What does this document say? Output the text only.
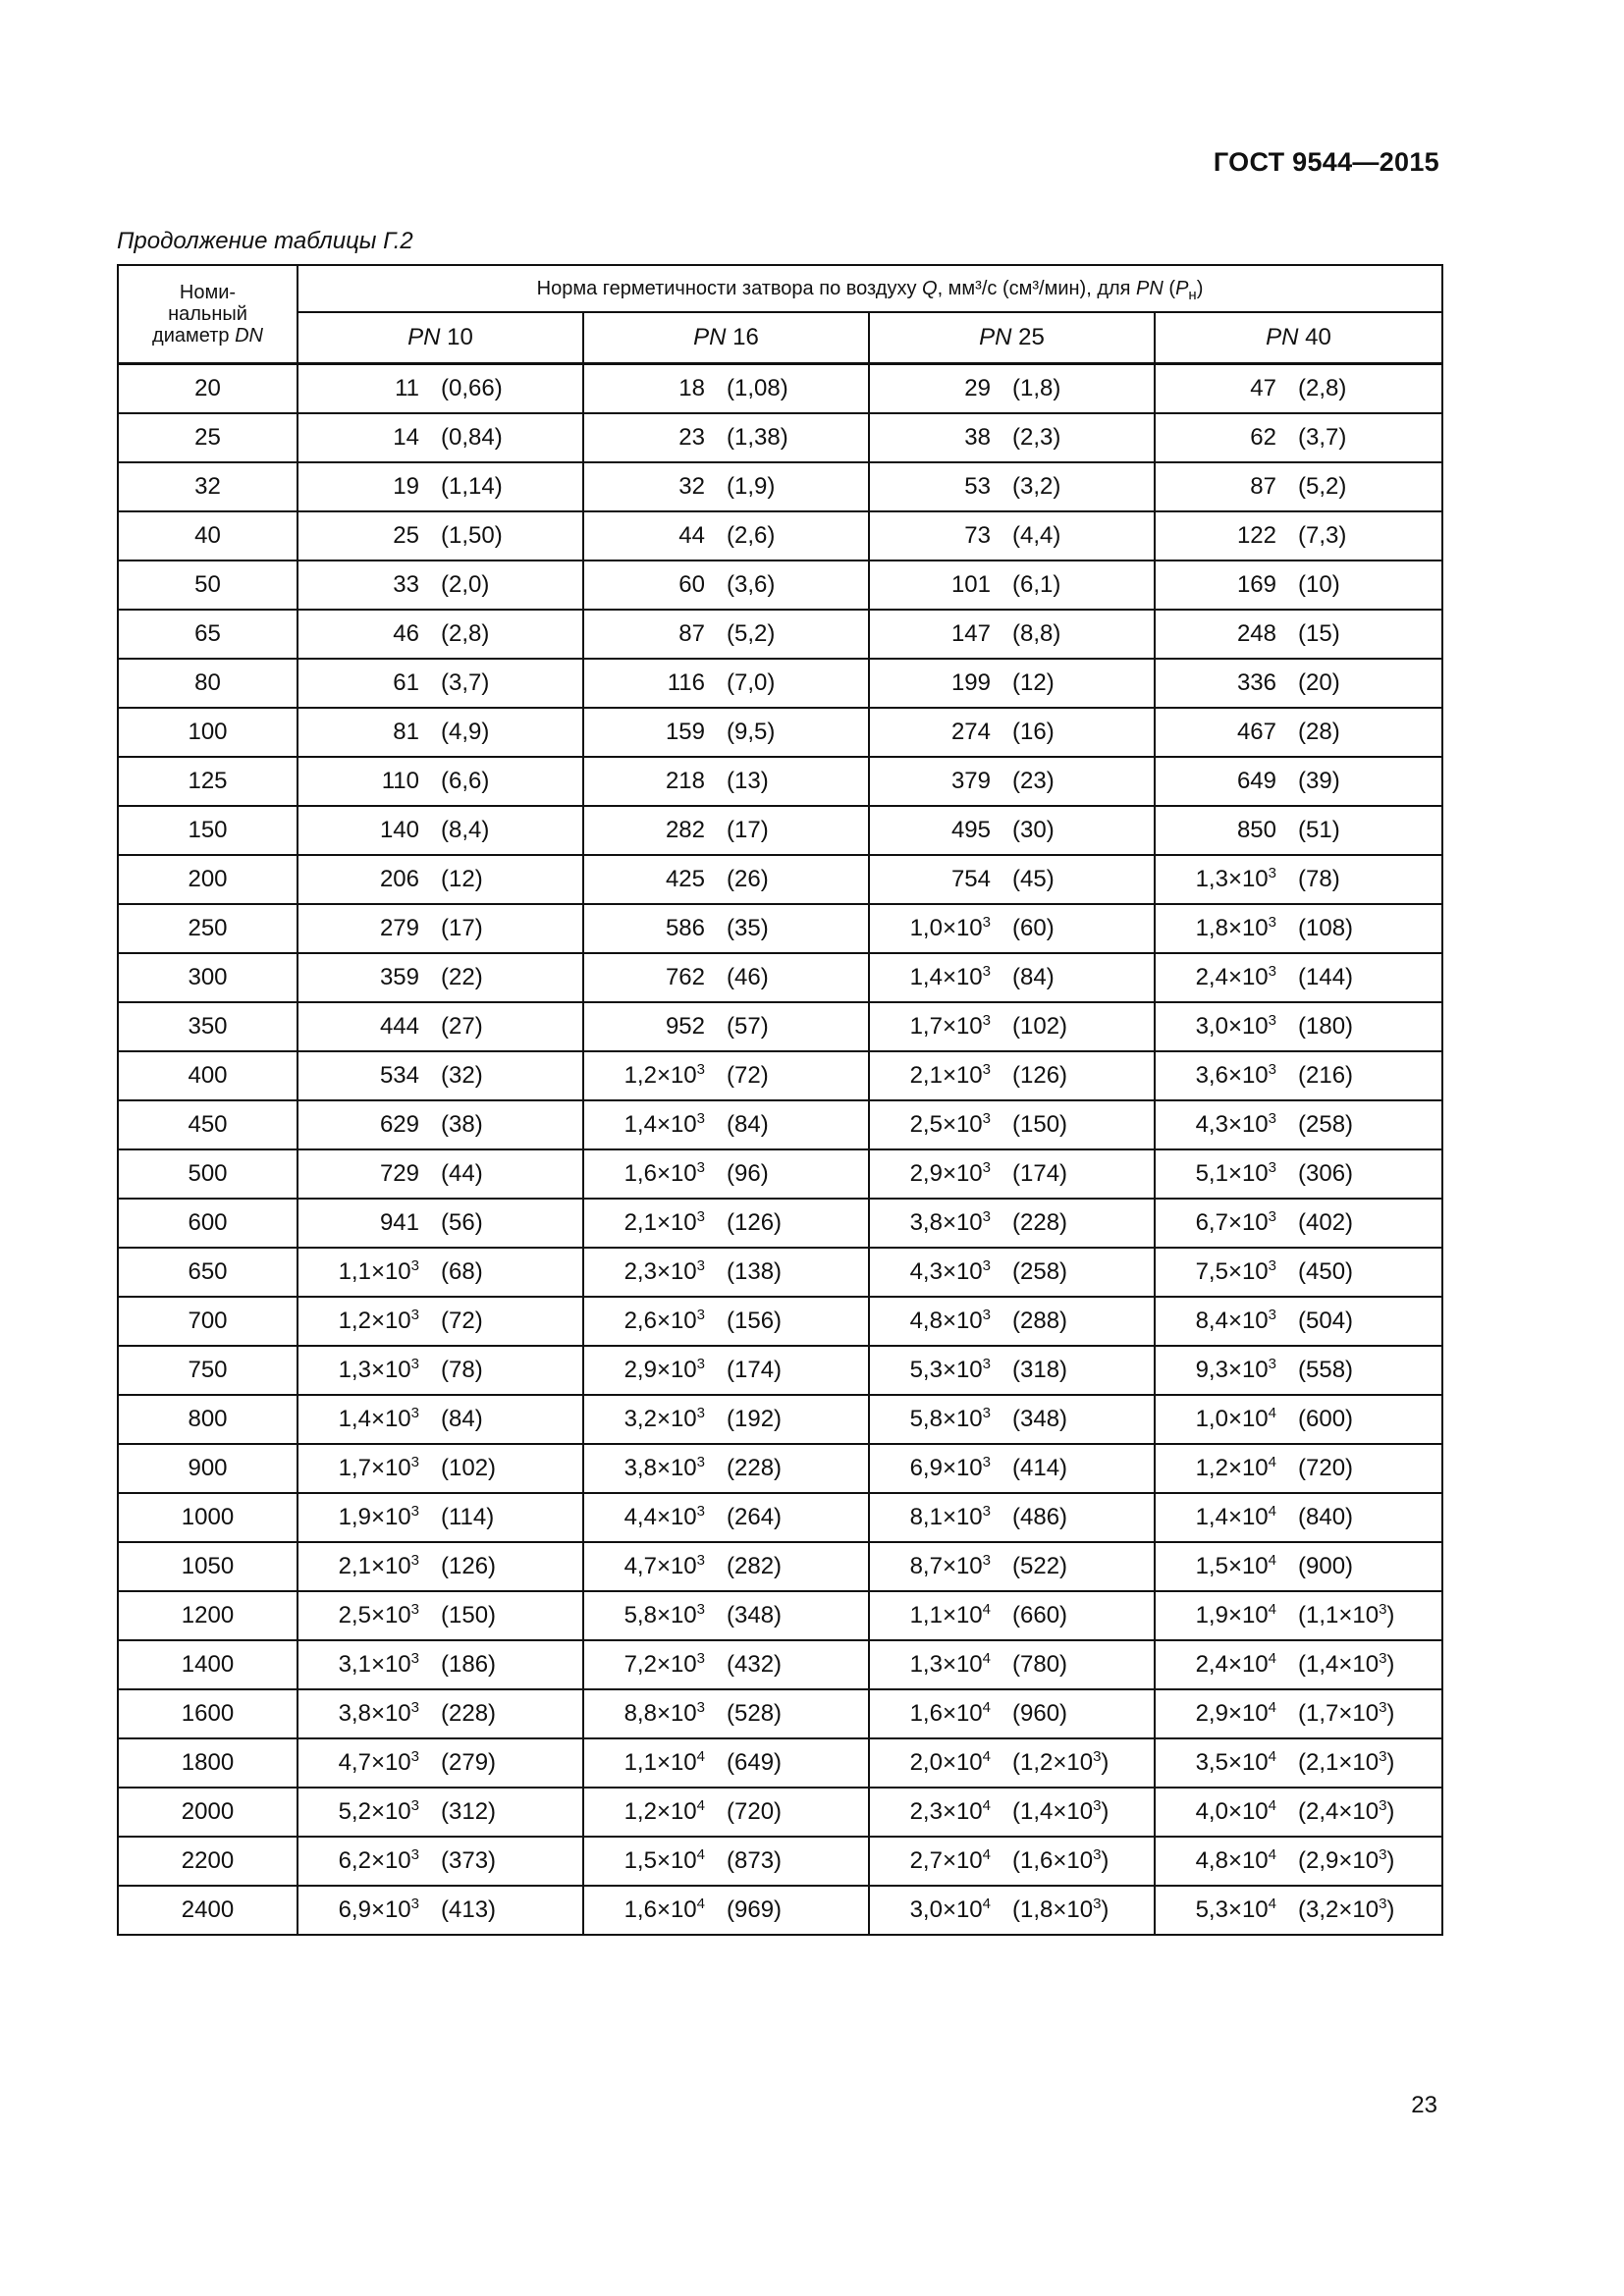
ГОСТ 9544—2015
Продолжение таблицы Г.2
Номи-
нальный
диаметр DN	Норма герметичности затвора по воздуху Q, мм³/с (см³/мин), для PN $(P_н)$			
	PN 10	PN 16	PN 25	PN 40
20	11 (0,66)	18 (1,08)	29 (1,8)	47 (2,8)

25	14 (0,84)	23 (1,38)	38 (2,3)	62 (3,7)

32	19 (1,14)	32 (1,9)	53 (3,2)	87 (5,2)

40	25 (1,50)	44 (2,6)	73 (4,4)	122 (7,3)

50	33 (2,0)	60 (3,6)	101 (6,1)	169 (10)

65	46 (2,8)	87 (5,2)	147 (8,8)	248 (15)

80	61 (3,7)	116 (7,0)	199 (12)	336 (20)

100	81 (4,9)	159 (9,5)	274 (16)	467 (28)

125	110 (6,6)	218 (13)	379 (23)	649 (39)

150	140 (8,4)	282 (17)	495 (30)	850 (51)

200	206 (12)	425 (26)	754 (45)	$1,3\times 10^3$ (78)

250	279 (17)	586 (35)	$1,0\times 10^3$ (60)	$1,8\times 10^3$ (108)

300	359 (22)	762 (46)	$1,4\times 10^3$ (84)	$2,4\times 10^3$ (144)

350	444 (27)	952 (57)	$1,7\times 10^3$ (102)	$3,0\times 10^3$ (180)

400	534 (32)	$1,2\times 10^3$ (72)	$2,1\times 10^3$ (126)	$3,6\times 10^3$ (216)

450	629 (38)	$1,4\times 10^3$ (84)	$2,5\times 10^3$ (150)	$4,3\times 10^3$ (258)

500	729 (44)	$1,6\times 10^3$ (96)	$2,9\times 10^3$ (174)	$5,1\times 10^3$ (306)

600	941 (56)	$2,1\times 10^3$ (126)	$3,8\times 10^3$ (228)	$6,7\times 10^3$ (402)

650	$1,1\times 10^3$ (68)	$2,3\times 10^3$ (138)	$4,3\times 10^3$ (258)	$7,5\times 10^3$ (450)

700	$1,2\times 10^3$ (72)	$2,6\times 10^3$ (156)	$4,8\times 10^3$ (288)	$8,4\times 10^3$ (504)

750	$1,3\times 10^3$ (78)	$2,9\times 10^3$ (174)	$5,3\times 10^3$ (318)	$9,3\times 10^3$ (558)

800	$1,4\times 10^3$ (84)	$3,2\times 10^3$ (192)	$5,8\times 10^3$ (348)	$1,0\times 10^4$ (600)

900	$1,7\times 10^3$ (102)	$3,8\times 10^3$ (228)	$6,9\times 10^3$ (414)	$1,2\times 10^4$ (720)

1000	$1,9\times 10^3$ (114)	$4,4\times 10^3$ (264)	$8,1\times 10^3$ (486)	$1,4\times 10^4$ (840)

1050	$2,1\times 10^3$ (126)	$4,7\times 10^3$ (282)	$8,7\times 10^3$ (522)	$1,5\times 10^4$ (900)

1200	$2,5\times 10^3$ (150)	$5,8\times 10^3$ (348)	$1,1\times 10^4$ (660)	$1,9\times 10^4$ $(1,1\times 10^3)$

1400	$3,1\times 10^3$ (186)	$7,2\times 10^3$ (432)	$1,3\times 10^4$ (780)	$2,4\times 10^4$ $(1,4\times 10^3)$

1600	$3,8\times 10^3$ (228)	$8,8\times 10^3$ (528)	$1,6\times 10^4$ (960)	$2,9\times 10^4$ $(1,7\times 10^3)$

1800	$4,7\times 10^3$ (279)	$1,1\times 10^4$ (649)	$2,0\times 10^4$ $(1,2\times 10^3)$	$3,5\times 10^4$ $(2,1\times 10^3)$

2000	$5,2\times 10^3$ (312)	$1,2\times 10^4$ (720)	$2,3\times 10^4$ $(1,4\times 10^3)$	$4,0\times 10^4$ $(2,4\times 10^3)$

2200	$6,2\times 10^3$ (373)	$1,5\times 10^4$ (873)	$2,7\times 10^4$ $(1,6\times 10^3)$	$4,8\times 10^4$ $(2,9\times 10^3)$

2400	$6,9\times 10^3$ (413)	$1,6\times 10^4$ (969)	$3,0\times 10^4$ $(1,8\times 10^3)$	$5,3\times 10^4$ $(3,2\times 10^3)$
23
